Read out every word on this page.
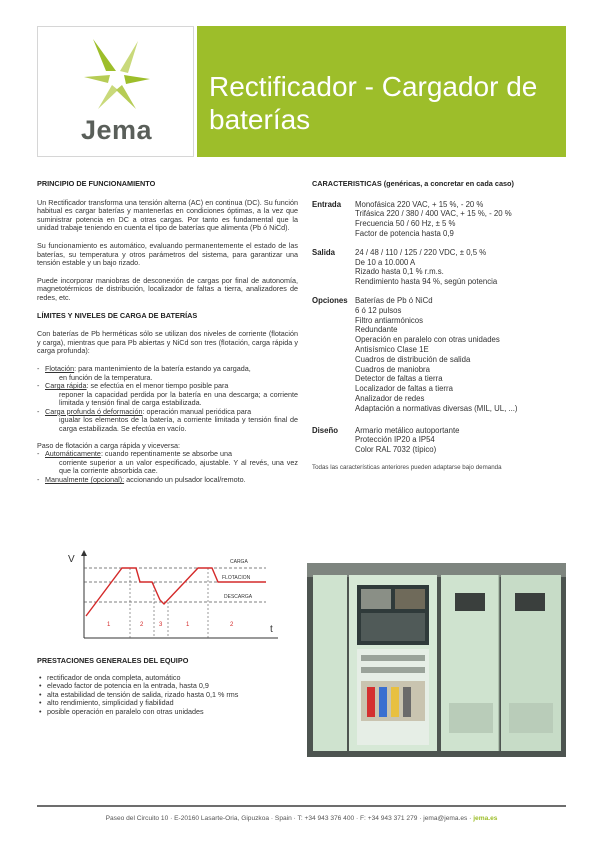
Jema
Rectificador - Cargador de baterías
PRINCIPIO DE FUNCIONAMIENTO

Un Rectificador transforma una tensión alterna (AC) en continua (DC). Su función habitual es cargar baterías y mantenerlas en condiciones óptimas, a la vez que suministrar potencia en DC a otras cargas. Por tanto es fundamental que la unidad trabaje teniendo en cuenta el tipo de baterías que alimenta (Pb ó NiCd).

Su funcionamiento es automático, evaluando permanentemente el estado de las baterías, su temperatura y otros parámetros del sistema, para garantizar una tensión estable y un bajo rizado.

Puede incorporar maniobras de desconexión de cargas por final de autonomía, magnetotérmicos de distribución, localizador de faltas a tierra, analizadores de redes, etc.

LÍMITES Y NIVELES DE CARGA DE BATERÍAS

Con baterías de Pb herméticas sólo se utilizan dos niveles de corriente (flotación y carga), mientras que para Pb abiertas y NiCd son tres (flotación, carga rápida y carga profunda):

- Flotación: para mantenimiento de la batería estando ya cargada,
en función de la temperatura.
- Carga rápida: se efectúa en el menor tiempo posible para
reponer la capacidad perdida por la batería en una descarga; a corriente limitada y tensión final de carga estabilizada.
- Carga profunda ó deformación: operación manual periódica para
igualar los elementos de la batería, a corriente limitada y tensión final de carga estabilizada. Se efectúa en vacío.

Paso de flotación a carga rápida y viceversa:

- Automáticamente: cuando repentinamente se absorbe una
corriente superior a un valor especificado, ajustable. Y al revés, una vez que la corriente absorbida cae.
- Manualmente (opcional): accionando un pulsador local/remoto.
V
t
CARGA
FLOTACION
DESCARGA
1	2	3	1	2
PRESTACIONES GENERALES DEL EQUIPO
• rectificador de onda completa, automático
• elevado factor de potencia en la entrada, hasta 0,9
• alta estabilidad de tensión de salida, rizado hasta 0,1 % rms
• alto rendimiento, simplicidad y fiabilidad
• posible operación en paralelo con otras unidades
CARACTERISTICAS (genéricas, a concretar en cada caso)
Entrada	Monofásica 220 VAC, + 15 %, - 20 %
Trifásica 220 / 380 / 400 VAC, + 15 %, - 20 %
Frecuencia 50 / 60 Hz, ± 5 %
Factor de potencia hasta 0,9
Salida	24 / 48 / 110 / 125 / 220 VDC, ± 0,5 %
De 10 a 10.000 A
Rizado hasta 0,1 % r.m.s.
Rendimiento hasta 94 %, según potencia
Opciones Baterías de Pb ó NiCd
6 ó 12 pulsos
Filtro antiarmónicos
Redundante
Operación en paralelo con otras unidades
Antisísmico Clase 1E
Cuadros de distribución de salida
Cuadros de maniobra
Detector de faltas a tierra
Localizador de faltas a tierra
Analizador de redes
Adaptación a normativas diversas (MIL, UL, ...)
Diseño	Armario metálico autoportante
Protección IP20 a IP54
Color RAL 7032 (típico)
Todas las características anteriores pueden adaptarse bajo demanda
Paseo del Circuito 10 · E-20160 Lasarte-Oria, Gipuzkoa · Spain · T: +34 943 376 400 · F: +34 943 371 279 · jema@jema.es · jema.es
